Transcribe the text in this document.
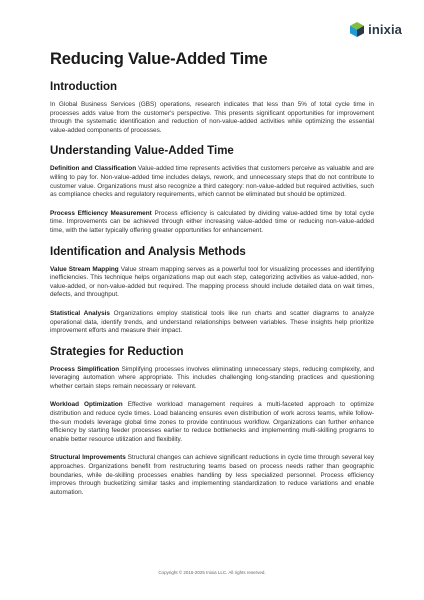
inixia
Reducing Value-Added Time
Introduction

In Global Business Services (GBS) operations, research indicates that less than 5% of total cycle time in processes adds value from the customer's perspective. This presents significant opportunities for improvement through the systematic identification and reduction of non-value-added activities while optimizing the essential value-added components of processes.

Understanding Value-Added Time

Definition and Classification Value-added time represents activities that customers perceive as valuable and are willing to pay for. Non-value-added time includes delays, rework, and unnecessary steps that do not contribute to customer value. Organizations must also recognize a third category: non-value-added but required activities, such as compliance checks and regulatory requirements, which cannot be eliminated but should be optimized.

Process Efficiency Measurement Process efficiency is calculated by dividing value-added time by total cycle time. Improvements can be achieved through either increasing value-added time or reducing non-value-added time, with the latter typically offering greater opportunities for enhancement.

Identification and Analysis Methods

Value Stream Mapping Value stream mapping serves as a powerful tool for visualizing processes and identifying inefficiencies. This technique helps organizations map out each step, categorizing activities as value-added, non-value-added, or non-value-added but required. The mapping process should include detailed data on wait times, defects, and throughput.

Statistical Analysis Organizations employ statistical tools like run charts and scatter diagrams to analyze operational data, identify trends, and understand relationships between variables. These insights help prioritize improvement efforts and measure their impact.

Strategies for Reduction

Process Simplification Simplifying processes involves eliminating unnecessary steps, reducing complexity, and leveraging automation where appropriate. This includes challenging long-standing practices and questioning whether certain steps remain necessary or relevant.

Workload Optimization Effective workload management requires a multi-faceted approach to optimize distribution and reduce cycle times. Load balancing ensures even distribution of work across teams, while follow-the-sun models leverage global time zones to provide continuous workflow. Organizations can further enhance efficiency by starting feeder processes earlier to reduce bottlenecks and implementing multi-skilling programs to enable better resource utilization and flexibility.

Structural Improvements Structural changes can achieve significant reductions in cycle time through several key approaches. Organizations benefit from restructuring teams based on process needs rather than geographic boundaries, while de-skilling processes enables handling by less specialized personnel. Process efficiency improves through bucketizing similar tasks and implementing standardization to reduce variations and enable automation.

Copyright © 2016-2025 Inixia LLC. All rights reserved.
